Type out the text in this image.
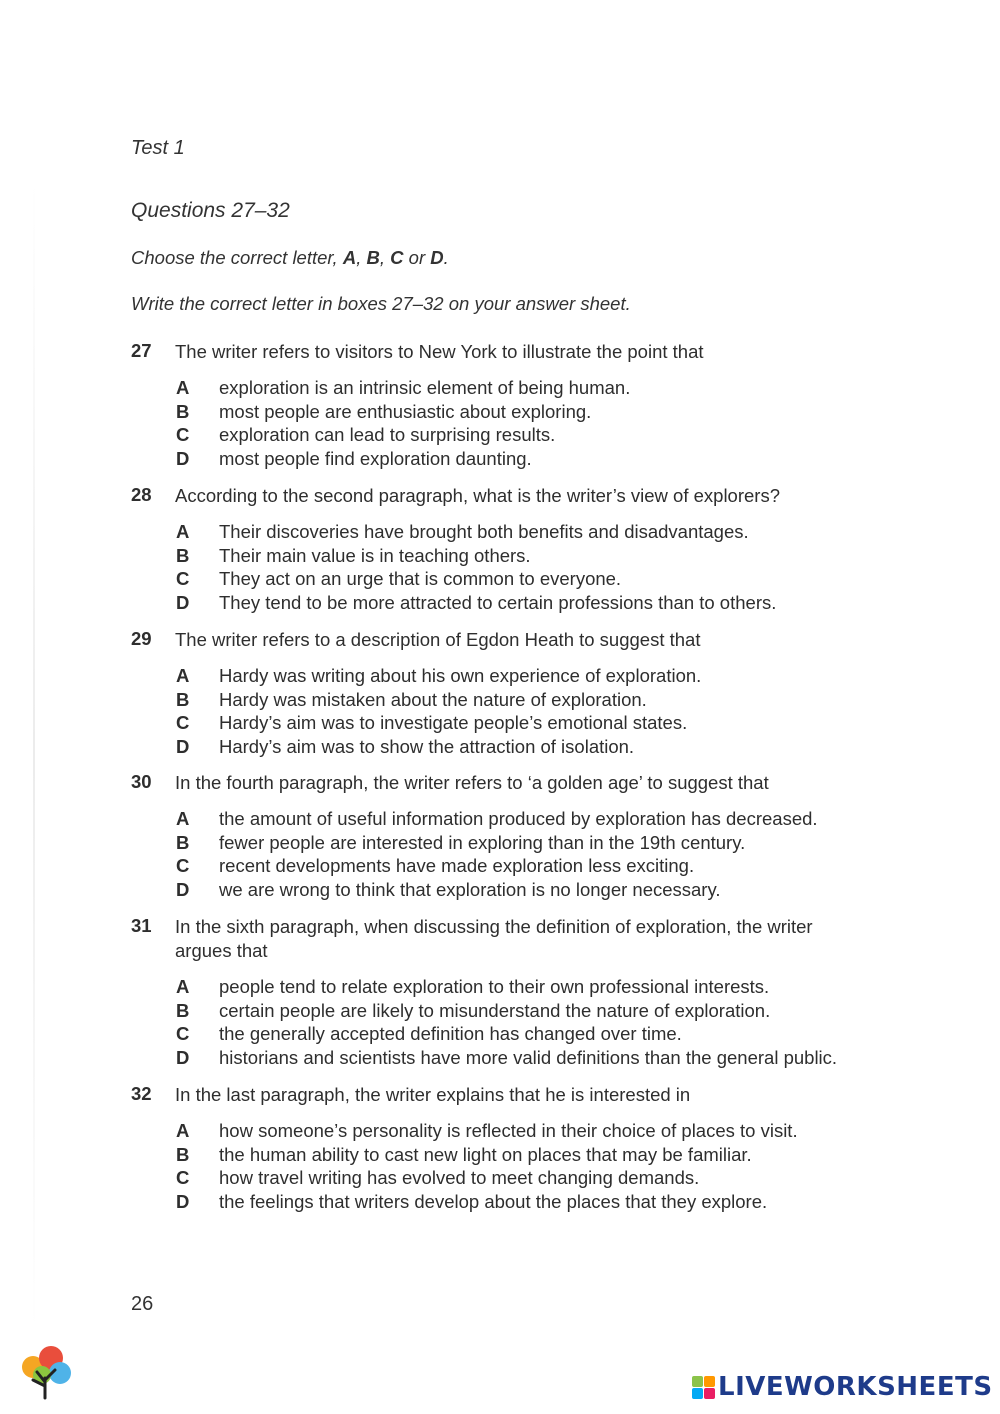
Test 1
Questions 27–32
Choose the correct letter, A, B, C or D.
Write the correct letter in boxes 27–32 on your answer sheet.
27	The writer refers to visitors to New York to illustrate the point that
A	exploration is an intrinsic element of being human.
B	most people are enthusiastic about exploring.
C	exploration can lead to surprising results.
D	most people find exploration daunting.
28	According to the second paragraph, what is the writer’s view of explorers?
A	Their discoveries have brought both benefits and disadvantages.
B	Their main value is in teaching others.
C	They act on an urge that is common to everyone.
D	They tend to be more attracted to certain professions than to others.
29	The writer refers to a description of Egdon Heath to suggest that
A	Hardy was writing about his own experience of exploration.
B	Hardy was mistaken about the nature of exploration.
C	Hardy’s aim was to investigate people’s emotional states.
D	Hardy’s aim was to show the attraction of isolation.
30	In the fourth paragraph, the writer refers to ‘a golden age’ to suggest that
A	the amount of useful information produced by exploration has decreased.
B	fewer people are interested in exploring than in the 19th century.
C	recent developments have made exploration less exciting.
D	we are wrong to think that exploration is no longer necessary.
31	In the sixth paragraph, when discussing the definition of exploration, the writer
argues that
A	people tend to relate exploration to their own professional interests.
B	certain people are likely to misunderstand the nature of exploration.
C	the generally accepted definition has changed over time.
D	historians and scientists have more valid definitions than the general public.
32	In the last paragraph, the writer explains that he is interested in
A	how someone’s personality is reflected in their choice of places to visit.
B	the human ability to cast new light on places that may be familiar.
C	how travel writing has evolved to meet changing demands.
D	the feelings that writers develop about the places that they explore.
26
LIVEWORKSHEETS
